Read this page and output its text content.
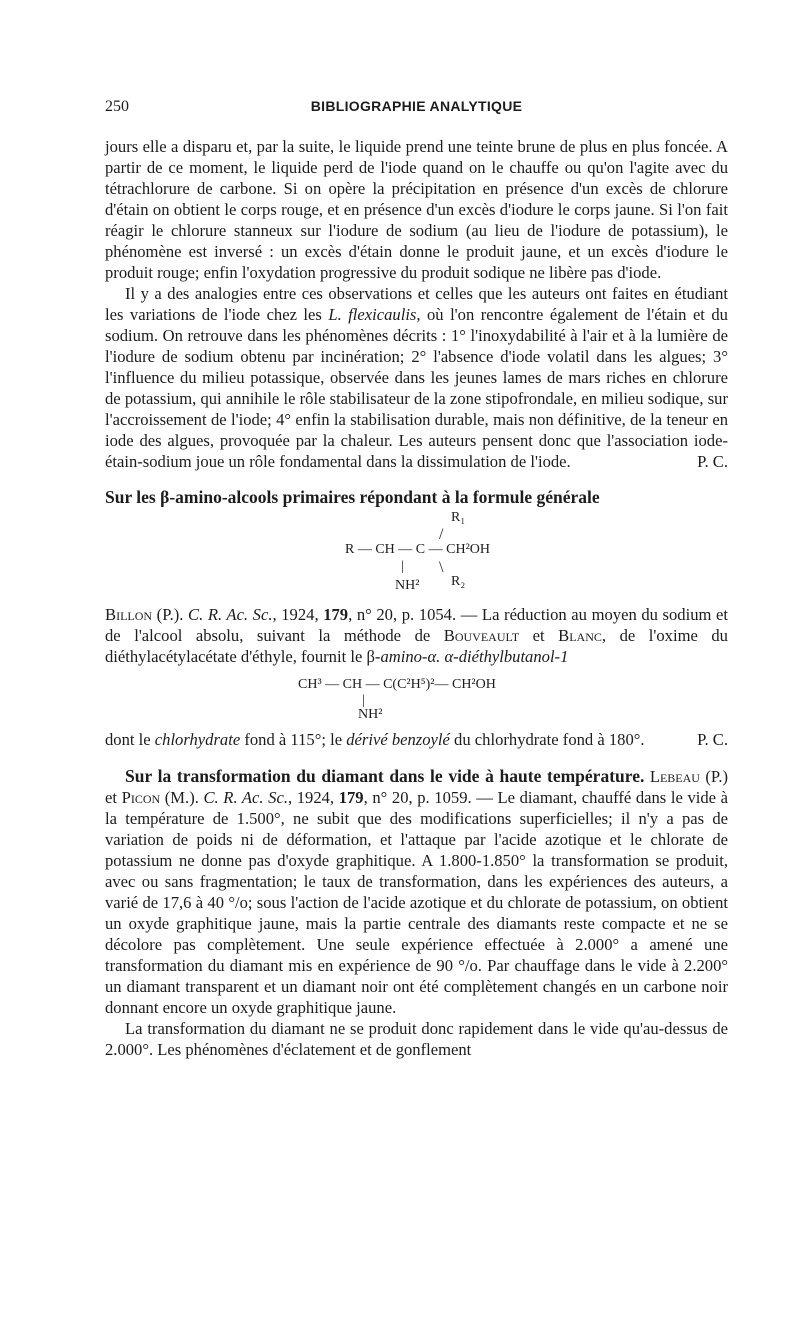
250	BIBLIOGRAPHIE ANALYTIQUE

jours elle a disparu et, par la suite, le liquide prend une teinte brune de plus en plus foncée. A partir de ce moment, le liquide perd de l'iode quand on le chauffe ou qu'on l'agite avec du tétrachlorure de carbone. Si on opère la précipitation en présence d'un excès de chlorure d'étain on obtient le corps rouge, et en présence d'un excès d'iodure le corps jaune. Si l'on fait réagir le chlorure stanneux sur l'iodure de sodium (au lieu de l'iodure de potassium), le phénomène est inversé : un excès d'étain donne le produit jaune, et un excès d'iodure le produit rouge; enfin l'oxydation progressive du produit sodique ne libère pas d'iode.

Il y a des analogies entre ces observations et celles que les auteurs ont faites en étudiant les variations de l'iode chez les L. flexicaulis, où l'on rencontre également de l'étain et du sodium. On retrouve dans les phénomènes décrits : 1° l'inoxydabilité à l'air et à la lumière de l'iodure de sodium obtenu par incinération; 2° l'absence d'iode volatil dans les algues; 3° l'influence du milieu potassique, observée dans les jeunes lames de mars riches en chlorure de potassium, qui annihile le rôle stabilisateur de la zone stipofrondale, en milieu sodique, sur l'accroissement de l'iode; 4° enfin la stabilisation durable, mais non définitive, de la teneur en iode des algues, provoquée par la chaleur. Les auteurs pensent donc que l'association iode-étain-sodium joue un rôle fondamental dans la dissimulation de l'iode.	P. C.

Sur les β-amino-alcools primaires répondant à la formule générale

R₁
/
R — CH — C — CH²OH
\
|
R₂
NH²

Billon (P.). C. R. Ac. Sc., 1924, 179, n° 20, p. 1054. — La réduction au moyen du sodium et de l'alcool absolu, suivant la méthode de Bouveault et Blanc, de l'oxime du diéthylacétylacétate d'éthyle, fournit le β-amino-α. α-diéthylbutanol-1

CH³ — CH — C(C²H⁵)²— CH²OH
|
NH²

dont le chlorhydrate fond à 115°; le dérivé benzoylé du chlorhydrate fond à 180°.	P. C.

Sur la transformation du diamant dans le vide à haute température. Lebeau (P.) et Picon (M.). C. R. Ac. Sc., 1924, 179, n° 20, p. 1059. — Le diamant, chauffé dans le vide à la température de 1.500°, ne subit que des modifications superficielles; il n'y a pas de variation de poids ni de déformation, et l'attaque par l'acide azotique et le chlorate de potassium ne donne pas d'oxyde graphitique. A 1.800-1.850° la transformation se produit, avec ou sans fragmentation; le taux de transformation, dans les expériences des auteurs, a varié de 17,6 à 40 °/o; sous l'action de l'acide azotique et du chlorate de potassium, on obtient un oxyde graphitique jaune, mais la partie centrale des diamants reste compacte et ne se décolore pas complètement. Une seule expérience effectuée à 2.000° a amené une transformation du diamant mis en expérience de 90 °/o. Par chauffage dans le vide à 2.200° un diamant transparent et un diamant noir ont été complètement changés en un carbone noir donnant encore un oxyde graphitique jaune.

La transformation du diamant ne se produit donc rapidement dans le vide qu'au-dessus de 2.000°. Les phénomènes d'éclatement et de gonflement
